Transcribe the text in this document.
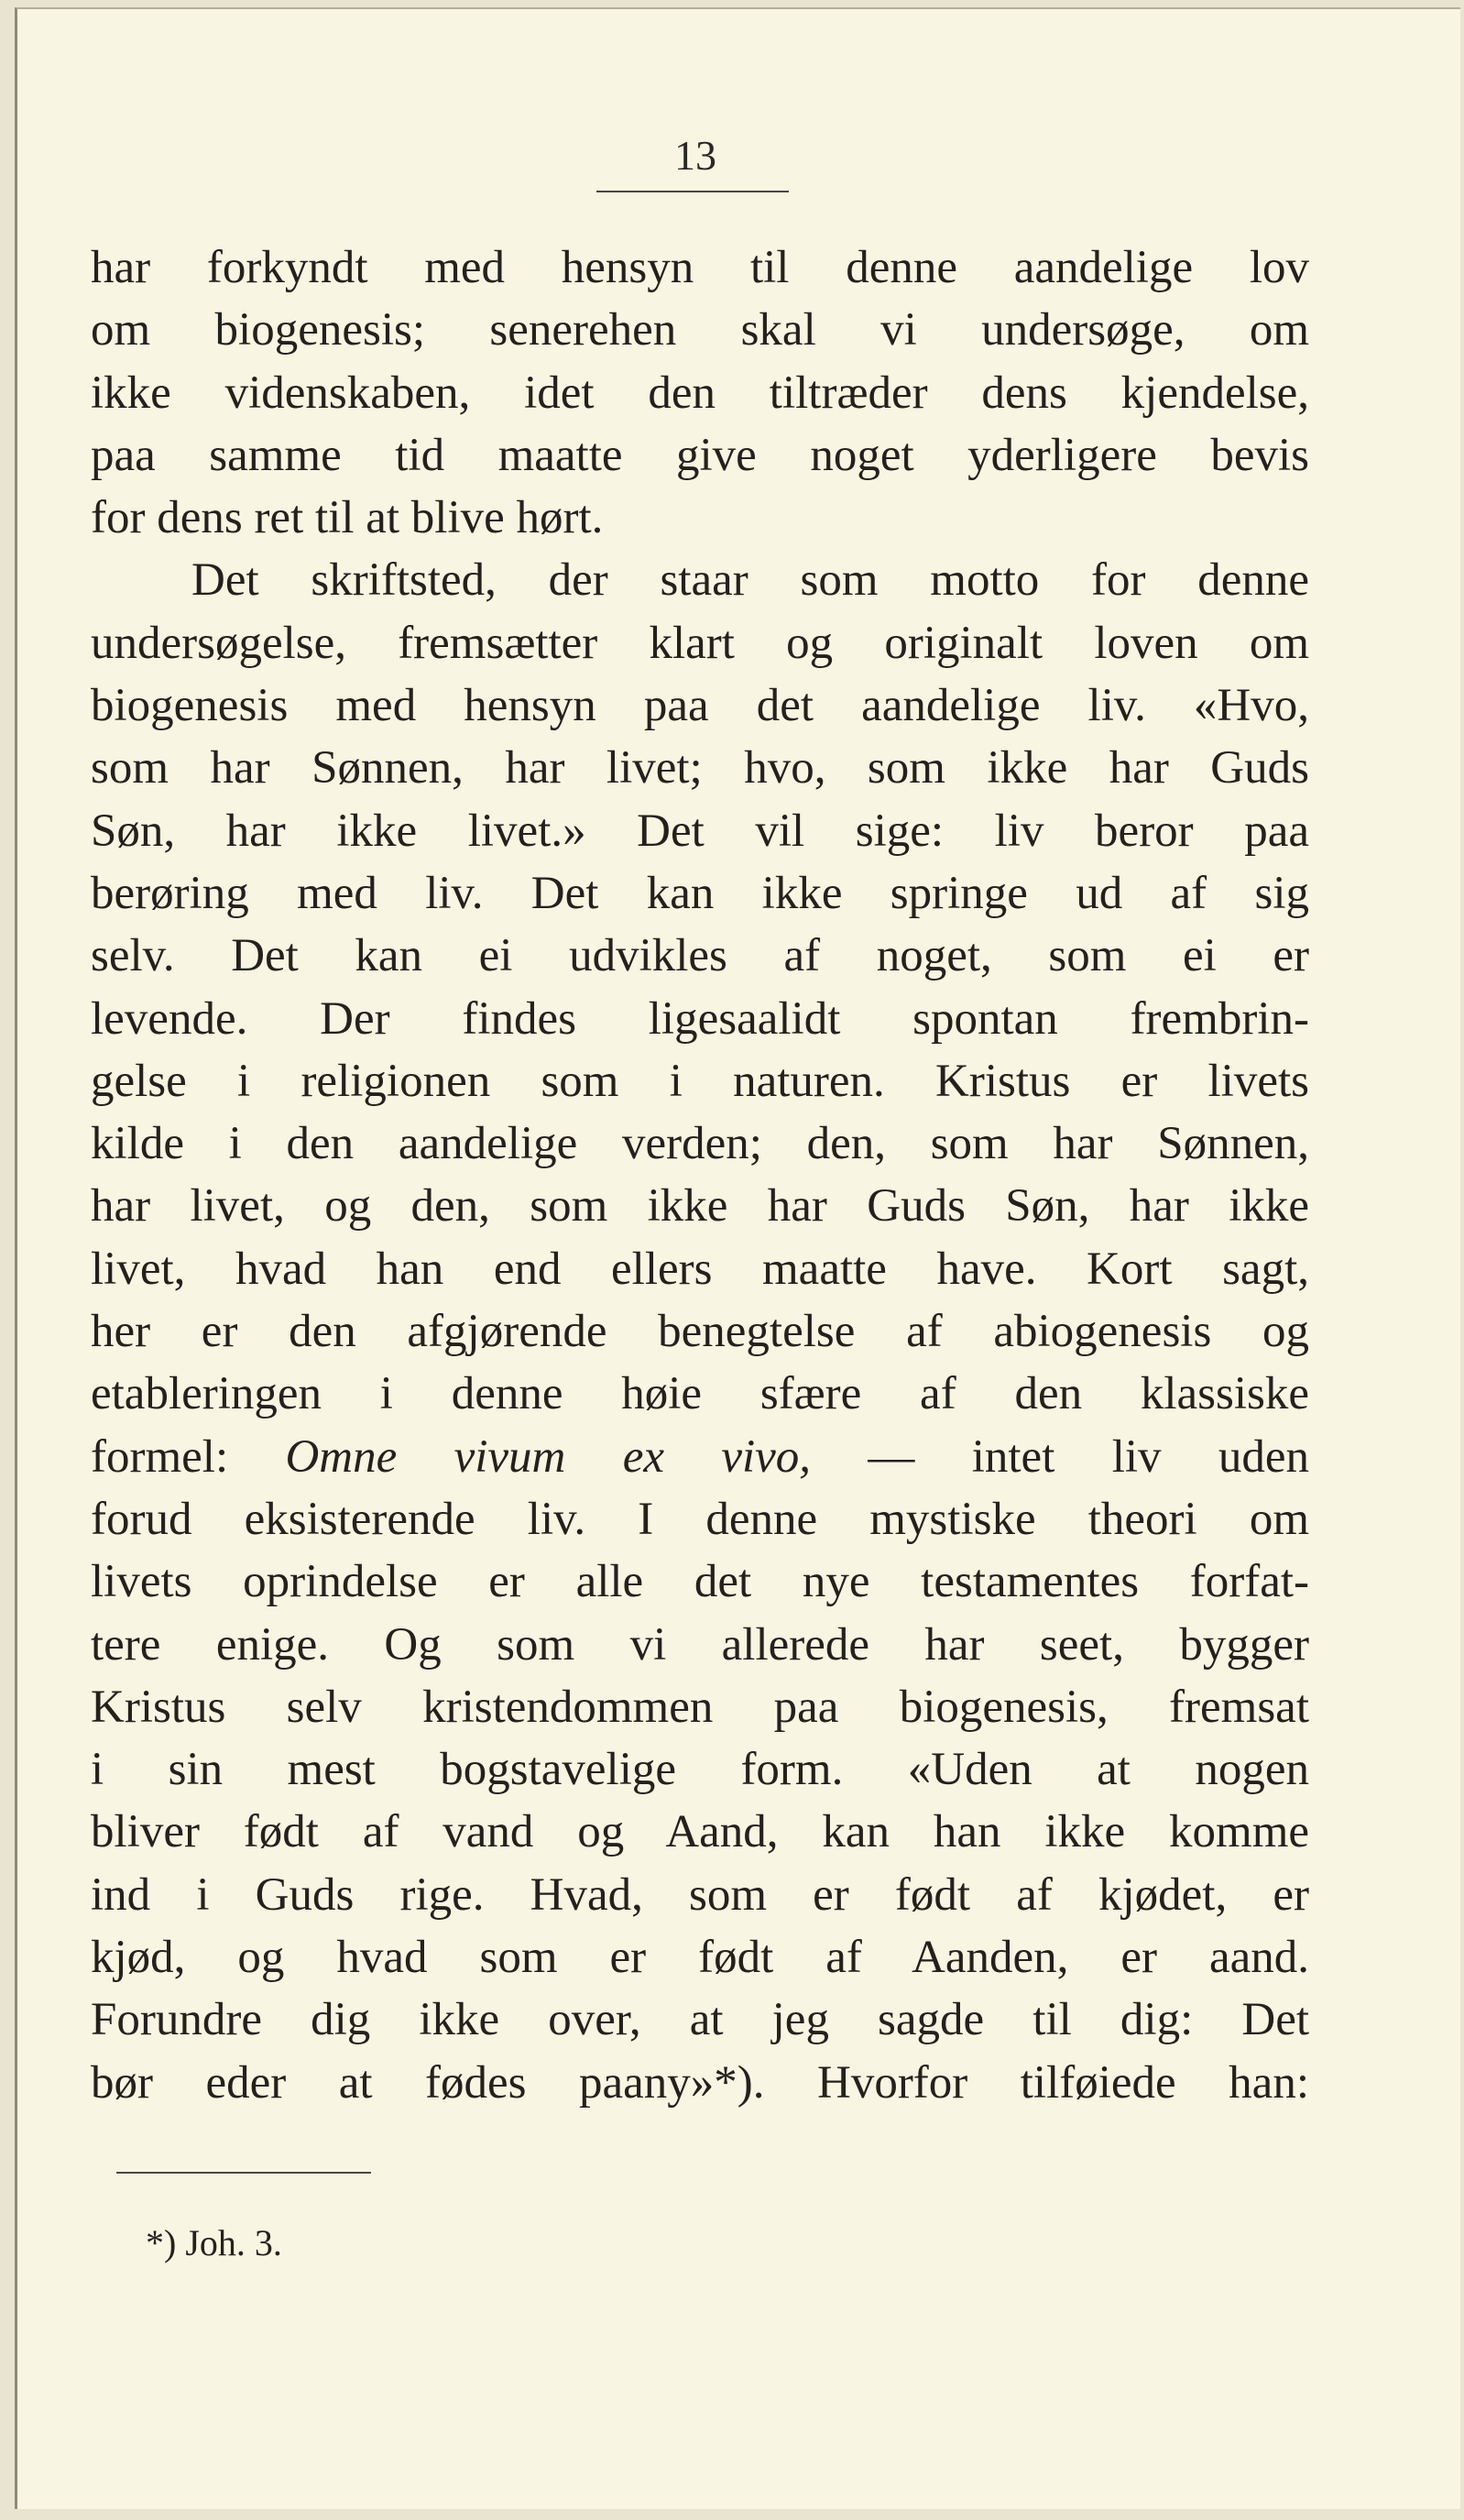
13
har forkyndt med hensyn til denne aandelige lov
om biogenesis; senerehen skal vi undersøge, om
ikke videnskaben, idet den tiltræder dens kjendelse,
paa samme tid maatte give noget yderligere bevis
for dens ret til at blive hørt.
Det skriftsted, der staar som motto for denne
undersøgelse, fremsætter klart og originalt loven om
biogenesis med hensyn paa det aandelige liv. «Hvo,
som har Sønnen, har livet; hvo, som ikke har Guds
Søn, har ikke livet.» Det vil sige: liv beror paa
berøring med liv. Det kan ikke springe ud af sig
selv. Det kan ei udvikles af noget, som ei er
levende. Der findes ligesaalidt spontan frembrin-
gelse i religionen som i naturen. Kristus er livets
kilde i den aandelige verden; den, som har Sønnen,
har livet, og den, som ikke har Guds Søn, har ikke
livet, hvad han end ellers maatte have. Kort sagt,
her er den afgjørende benegtelse af abiogenesis og
etableringen i denne høie sfære af den klassiske
formel: Omne vivum ex vivo, — intet liv uden
forud eksisterende liv. I denne mystiske theori om
livets oprindelse er alle det nye testamentes forfat-
tere enige. Og som vi allerede har seet, bygger
Kristus selv kristendommen paa biogenesis, fremsat
i sin mest bogstavelige form. «Uden at nogen
bliver født af vand og Aand, kan han ikke komme
ind i Guds rige. Hvad, som er født af kjødet, er
kjød, og hvad som er født af Aanden, er aand.
Forundre dig ikke over, at jeg sagde til dig: Det
bør eder at fødes paany»*). Hvorfor tilføiede han:
*) Joh. 3.
